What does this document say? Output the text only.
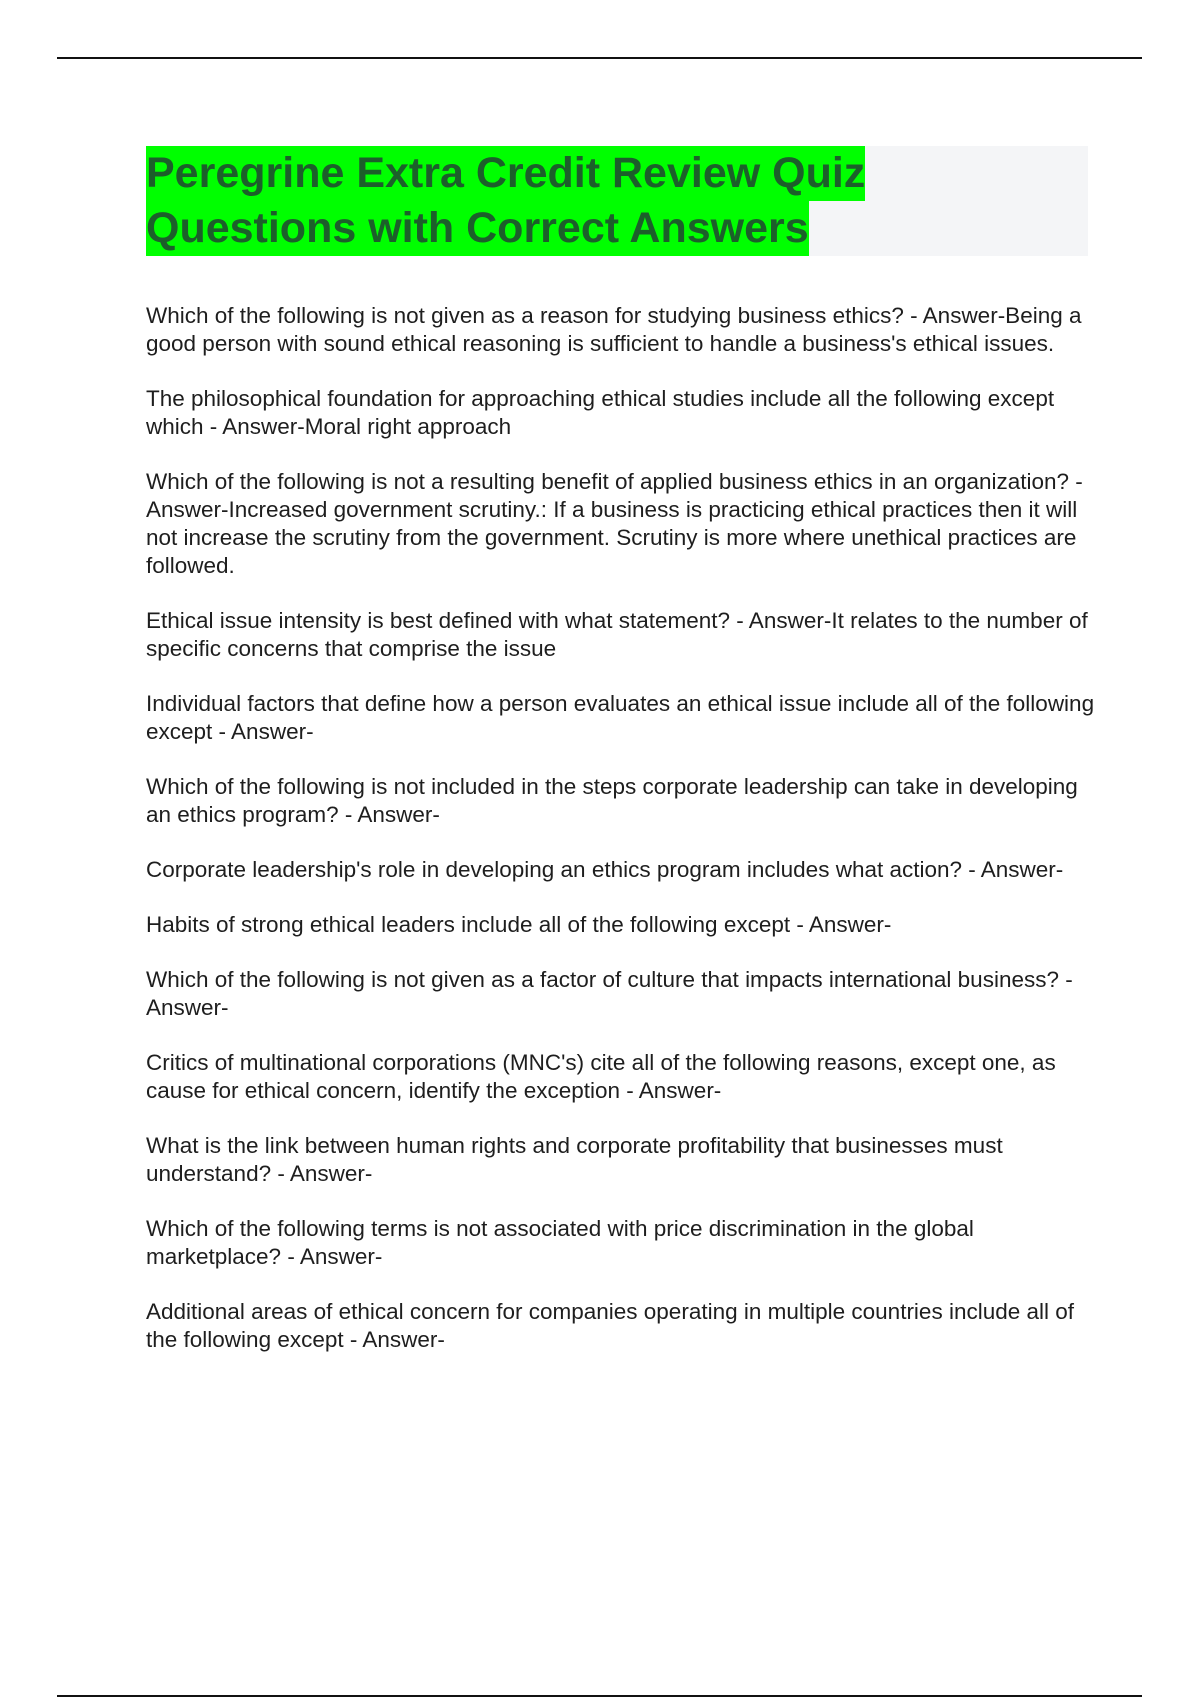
Peregrine Extra Credit Review Quiz
Questions with Correct Answers

Which of the following is not given as a reason for studying business ethics? - Answer-Being a good person with sound ethical reasoning is sufficient to handle a business's ethical issues.

The philosophical foundation for approaching ethical studies include all the following except which - Answer-Moral right approach

Which of the following is not a resulting benefit of applied business ethics in an organization? - Answer-Increased government scrutiny.: If a business is practicing ethical practices then it will not increase the scrutiny from the government. Scrutiny is more where unethical practices are followed.

Ethical issue intensity is best defined with what statement? - Answer-It relates to the number of specific concerns that comprise the issue

Individual factors that define how a person evaluates an ethical issue include all of the following except - Answer-

Which of the following is not included in the steps corporate leadership can take in developing an ethics program? - Answer-

Corporate leadership's role in developing an ethics program includes what action? - Answer-

Habits of strong ethical leaders include all of the following except - Answer-

Which of the following is not given as a factor of culture that impacts international business? - Answer-

Critics of multinational corporations (MNC's) cite all of the following reasons, except one, as cause for ethical concern, identify the exception - Answer-

What is the link between human rights and corporate profitability that businesses must understand? - Answer-

Which of the following terms is not associated with price discrimination in the global marketplace? - Answer-

Additional areas of ethical concern for companies operating in multiple countries include all of the following except - Answer-
